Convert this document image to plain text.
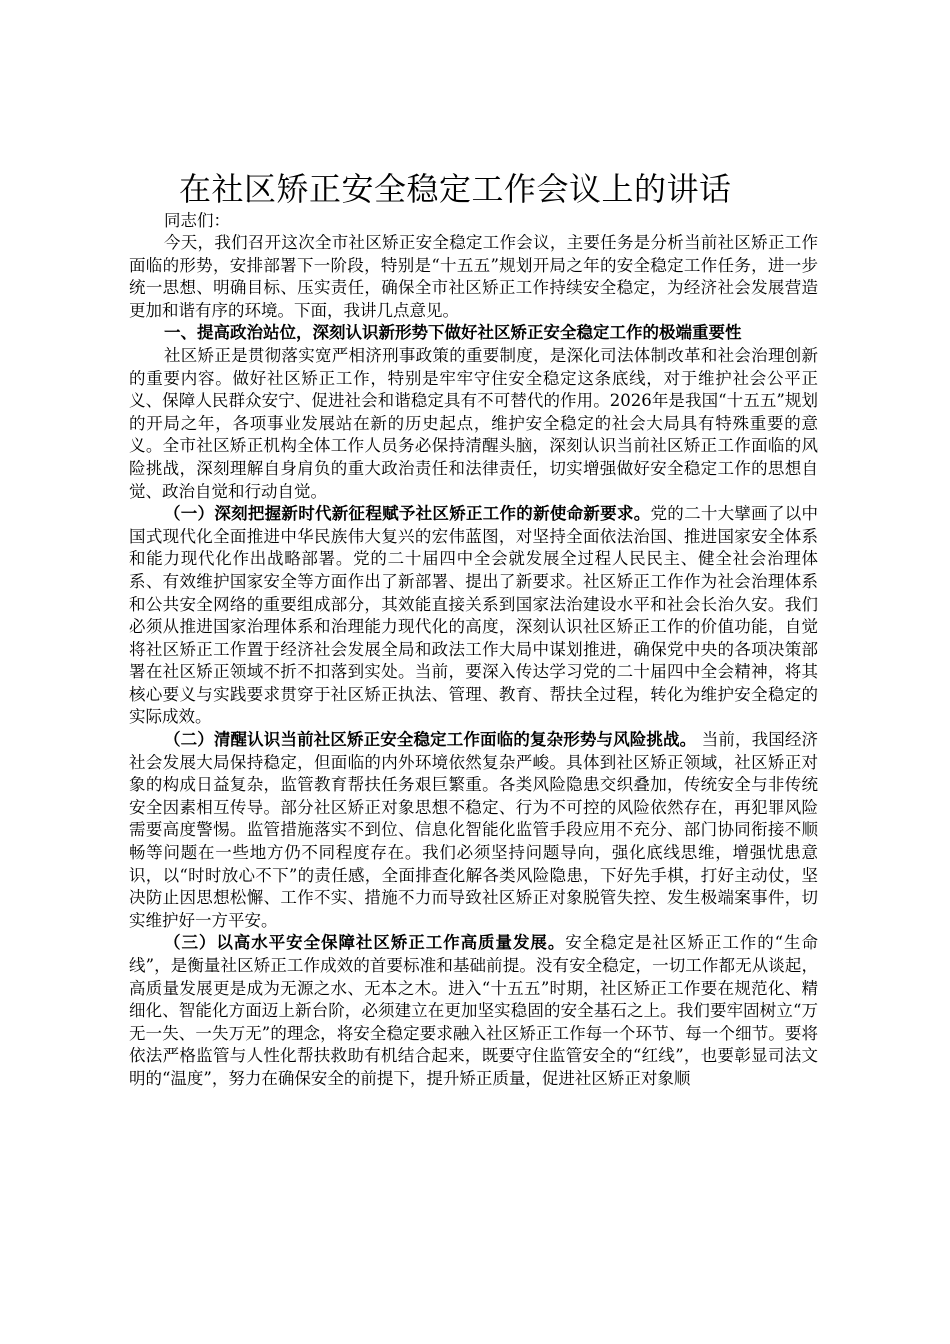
在社区矫正安全稳定工作会议上的讲话

同志们：

今天，我们召开这次全市社区矫正安全稳定工作会议，主要任务是分析当前社区矫正工作面临的形势，安排部署下一阶段，特别是“十五五”规划开局之年的安全稳定工作任务，进一步统一思想、明确目标、压实责任，确保全市社区矫正工作持续安全稳定，为经济社会发展营造更加和谐有序的环境。下面，我讲几点意见。

一、提高政治站位，深刻认识新形势下做好社区矫正安全稳定工作的极端重要性

社区矫正是贯彻落实宽严相济刑事政策的重要制度，是深化司法体制改革和社会治理创新的重要内容。做好社区矫正工作，特别是牢牢守住安全稳定这条底线，对于维护社会公平正义、保障人民群众安宁、促进社会和谐稳定具有不可替代的作用。2026年是我国“十五五”规划的开局之年，各项事业发展站在新的历史起点，维护安全稳定的社会大局具有特殊重要的意义。全市社区矫正机构全体工作人员务必保持清醒头脑，深刻认识当前社区矫正工作面临的风险挑战，深刻理解自身肩负的重大政治责任和法律责任，切实增强做好安全稳定工作的思想自觉、政治自觉和行动自觉。

（一）深刻把握新时代新征程赋予社区矫正工作的新使命新要求。党的二十大擘画了以中国式现代化全面推进中华民族伟大复兴的宏伟蓝图，对坚持全面依法治国、推进国家安全体系和能力现代化作出战略部署。党的二十届四中全会就发展全过程人民民主、健全社会治理体系、有效维护国家安全等方面作出了新部署、提出了新要求。社区矫正工作作为社会治理体系和公共安全网络的重要组成部分，其效能直接关系到国家法治建设水平和社会长治久安。我们必须从推进国家治理体系和治理能力现代化的高度，深刻认识社区矫正工作的价值功能，自觉将社区矫正工作置于经济社会发展全局和政法工作大局中谋划推进，确保党中央的各项决策部署在社区矫正领域不折不扣落到实处。当前，要深入传达学习党的二十届四中全会精神，将其核心要义与实践要求贯穿于社区矫正执法、管理、教育、帮扶全过程，转化为维护安全稳定的实际成效。

（二）清醒认识当前社区矫正安全稳定工作面临的复杂形势与风险挑战。 当前，我国经济社会发展大局保持稳定，但面临的内外环境依然复杂严峻。具体到社区矫正领域，社区矫正对象的构成日益复杂，监管教育帮扶任务艰巨繁重。各类风险隐患交织叠加，传统安全与非传统安全因素相互传导。部分社区矫正对象思想不稳定、行为不可控的风险依然存在，再犯罪风险需要高度警惕。监管措施落实不到位、信息化智能化监管手段应用不充分、部门协同衔接不顺畅等问题在一些地方仍不同程度存在。我们必须坚持问题导向，强化底线思维，增强忧患意识，以“时时放心不下”的责任感，全面排查化解各类风险隐患，下好先手棋，打好主动仗，坚决防止因思想松懈、工作不实、措施不力而导致社区矫正对象脱管失控、发生极端案事件，切实维护好一方平安。

（三）以高水平安全保障社区矫正工作高质量发展。安全稳定是社区矫正工作的“生命线”，是衡量社区矫正工作成效的首要标准和基础前提。没有安全稳定，一切工作都无从谈起，高质量发展更是成为无源之水、无本之木。进入“十五五”时期，社区矫正工作要在规范化、精细化、智能化方面迈上新台阶，必须建立在更加坚实稳固的安全基石之上。我们要牢固树立“万无一失、一失万无”的理念，将安全稳定要求融入社区矫正工作每一个环节、每一个细节。要将依法严格监管与人性化帮扶救助有机结合起来，既要守住监管安全的“红线”，也要彰显司法文明的“温度”，努力在确保安全的前提下，提升矫正质量，促进社区矫正对象顺
